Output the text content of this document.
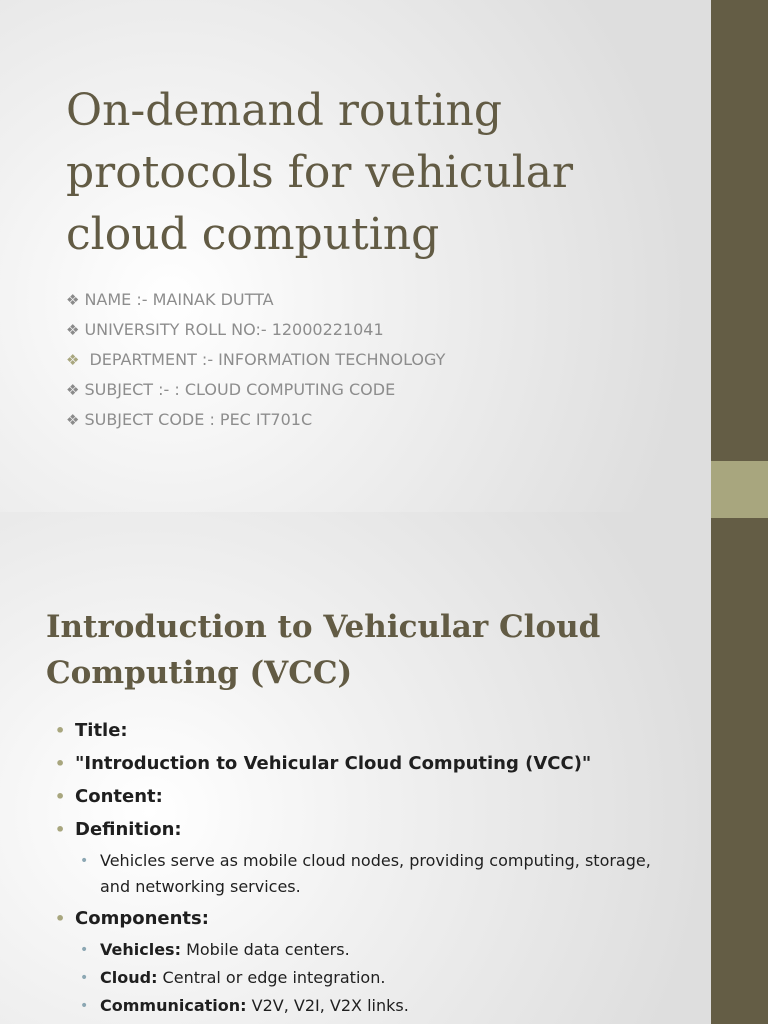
On-demand routing protocols for vehicular cloud computing
❖ NAME :- MAINAK DUTTA
❖ UNIVERSITY ROLL NO:- 12000221041
❖ DEPARTMENT :- INFORMATION TECHNOLOGY
❖ SUBJECT :- : CLOUD COMPUTING CODE
❖ SUBJECT CODE : PEC IT701C
Introduction to Vehicular Cloud Computing (VCC)
• Title:
• "Introduction to Vehicular Cloud Computing (VCC)"
• Content:
• Definition:
• Vehicles serve as mobile cloud nodes, providing computing, storage, and networking services.
• Components:
• Vehicles: Mobile data centers.
• Cloud: Central or edge integration.
• Communication: V2V, V2I, V2X links.
